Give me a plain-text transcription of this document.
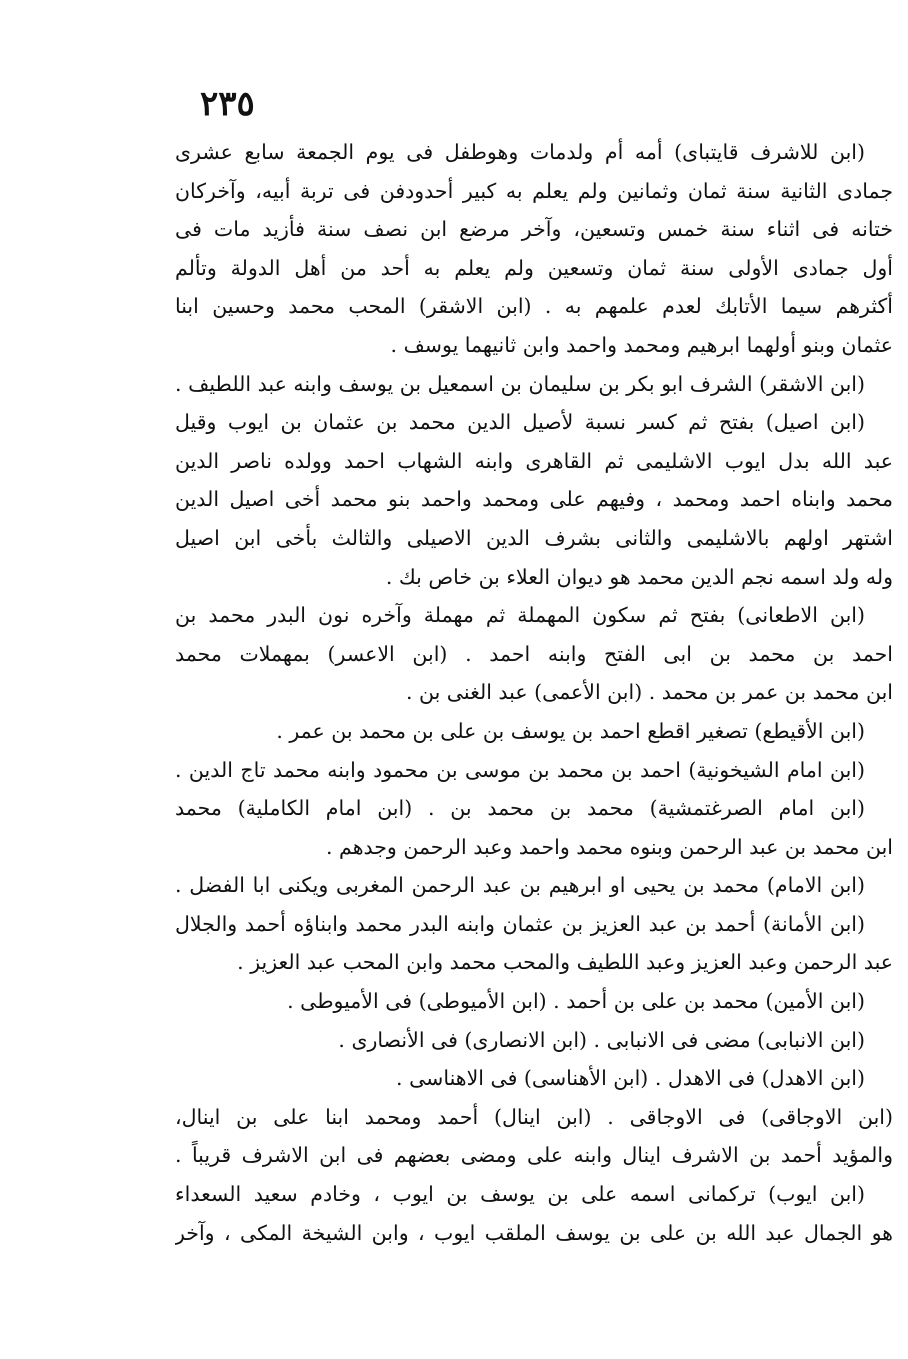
٢٣٥
(ابن للاشرف قايتباى) أمه أم ولدمات وهوطفل فى يوم الجمعة سابع عشرى
جمادى الثانية سنة ثمان وثمانين ولم يعلم به كبير أحدودفن فى تربة أبيه، وآخركان
ختانه فى اثناء سنة خمس وتسعين، وآخر مرضع ابن نصف سنة فأزيد مات فى
أول جمادى الأولى سنة ثمان وتسعين ولم يعلم به أحد من أهل الدولة وتألم
أكثرهم سيما الأتابك لعدم علمهم به . (ابن الاشقر) المحب محمد وحسين ابنا
عثمان وبنو أولهما ابرهيم ومحمد واحمد وابن ثانيهما يوسف .
(ابن الاشقر) الشرف ابو بكر بن سليمان بن اسمعيل بن يوسف وابنه عبد اللطيف .
(ابن اصيل) بفتح ثم كسر نسبة لأصيل الدين محمد بن عثمان بن ايوب وقيل
عبد الله بدل ايوب الاشليمى ثم القاهرى وابنه الشهاب احمد وولده ناصر الدين
محمد وابناه احمد ومحمد ، وفيهم على ومحمد واحمد بنو محمد أخى اصيل الدين
اشتهر اولهم بالاشليمى والثانى بشرف الدين الاصيلى والثالث بأخى ابن اصيل
وله ولد اسمه نجم الدين محمد هو ديوان العلاء بن خاص بك .
(ابن الاطعانى) بفتح ثم سكون المهملة ثم مهملة وآخره نون البدر محمد بن
احمد بن محمد بن ابى الفتح وابنه احمد . (ابن الاعسر) بمهملات محمد
ابن محمد بن عمر بن محمد . (ابن الأعمى) عبد الغنى بن .
(ابن الأقيطع) تصغير اقطع احمد بن يوسف بن على بن محمد بن عمر .
(ابن امام الشيخونية) احمد بن محمد بن موسى بن محمود وابنه محمد تاج الدين .
(ابن امام الصرغتمشية) محمد بن محمد بن . (ابن امام الكاملية) محمد
ابن محمد بن عبد الرحمن وبنوه محمد واحمد وعبد الرحمن وجدهم .
(ابن الامام) محمد بن يحيى او ابرهيم بن عبد الرحمن المغربى ويكنى ابا الفضل .
(ابن الأمانة) أحمد بن عبد العزيز بن عثمان وابنه البدر محمد وابناؤه أحمد والجلال
عبد الرحمن وعبد العزيز وعبد اللطيف والمحب محمد وابن المحب عبد العزيز .
(ابن الأمين) محمد بن على بن أحمد . (ابن الأميوطى) فى الأميوطى .
(ابن الانبابى) مضى فى الانبابى . (ابن الانصارى) فى الأنصارى .
(ابن الاهدل) فى الاهدل . (ابن الأهناسى) فى الاهناسى .
(ابن الاوجاقى) فى الاوجاقى . (ابن اينال) أحمد ومحمد ابنا على بن اينال،
والمؤيد أحمد بن الاشرف اينال وابنه على ومضى بعضهم فى ابن الاشرف قريباً .
(ابن ايوب) تركمانى اسمه على بن يوسف بن ايوب ، وخادم سعيد السعداء
هو الجمال عبد الله بن على بن يوسف الملقب ايوب ، وابن الشيخة المكى ، وآخر
